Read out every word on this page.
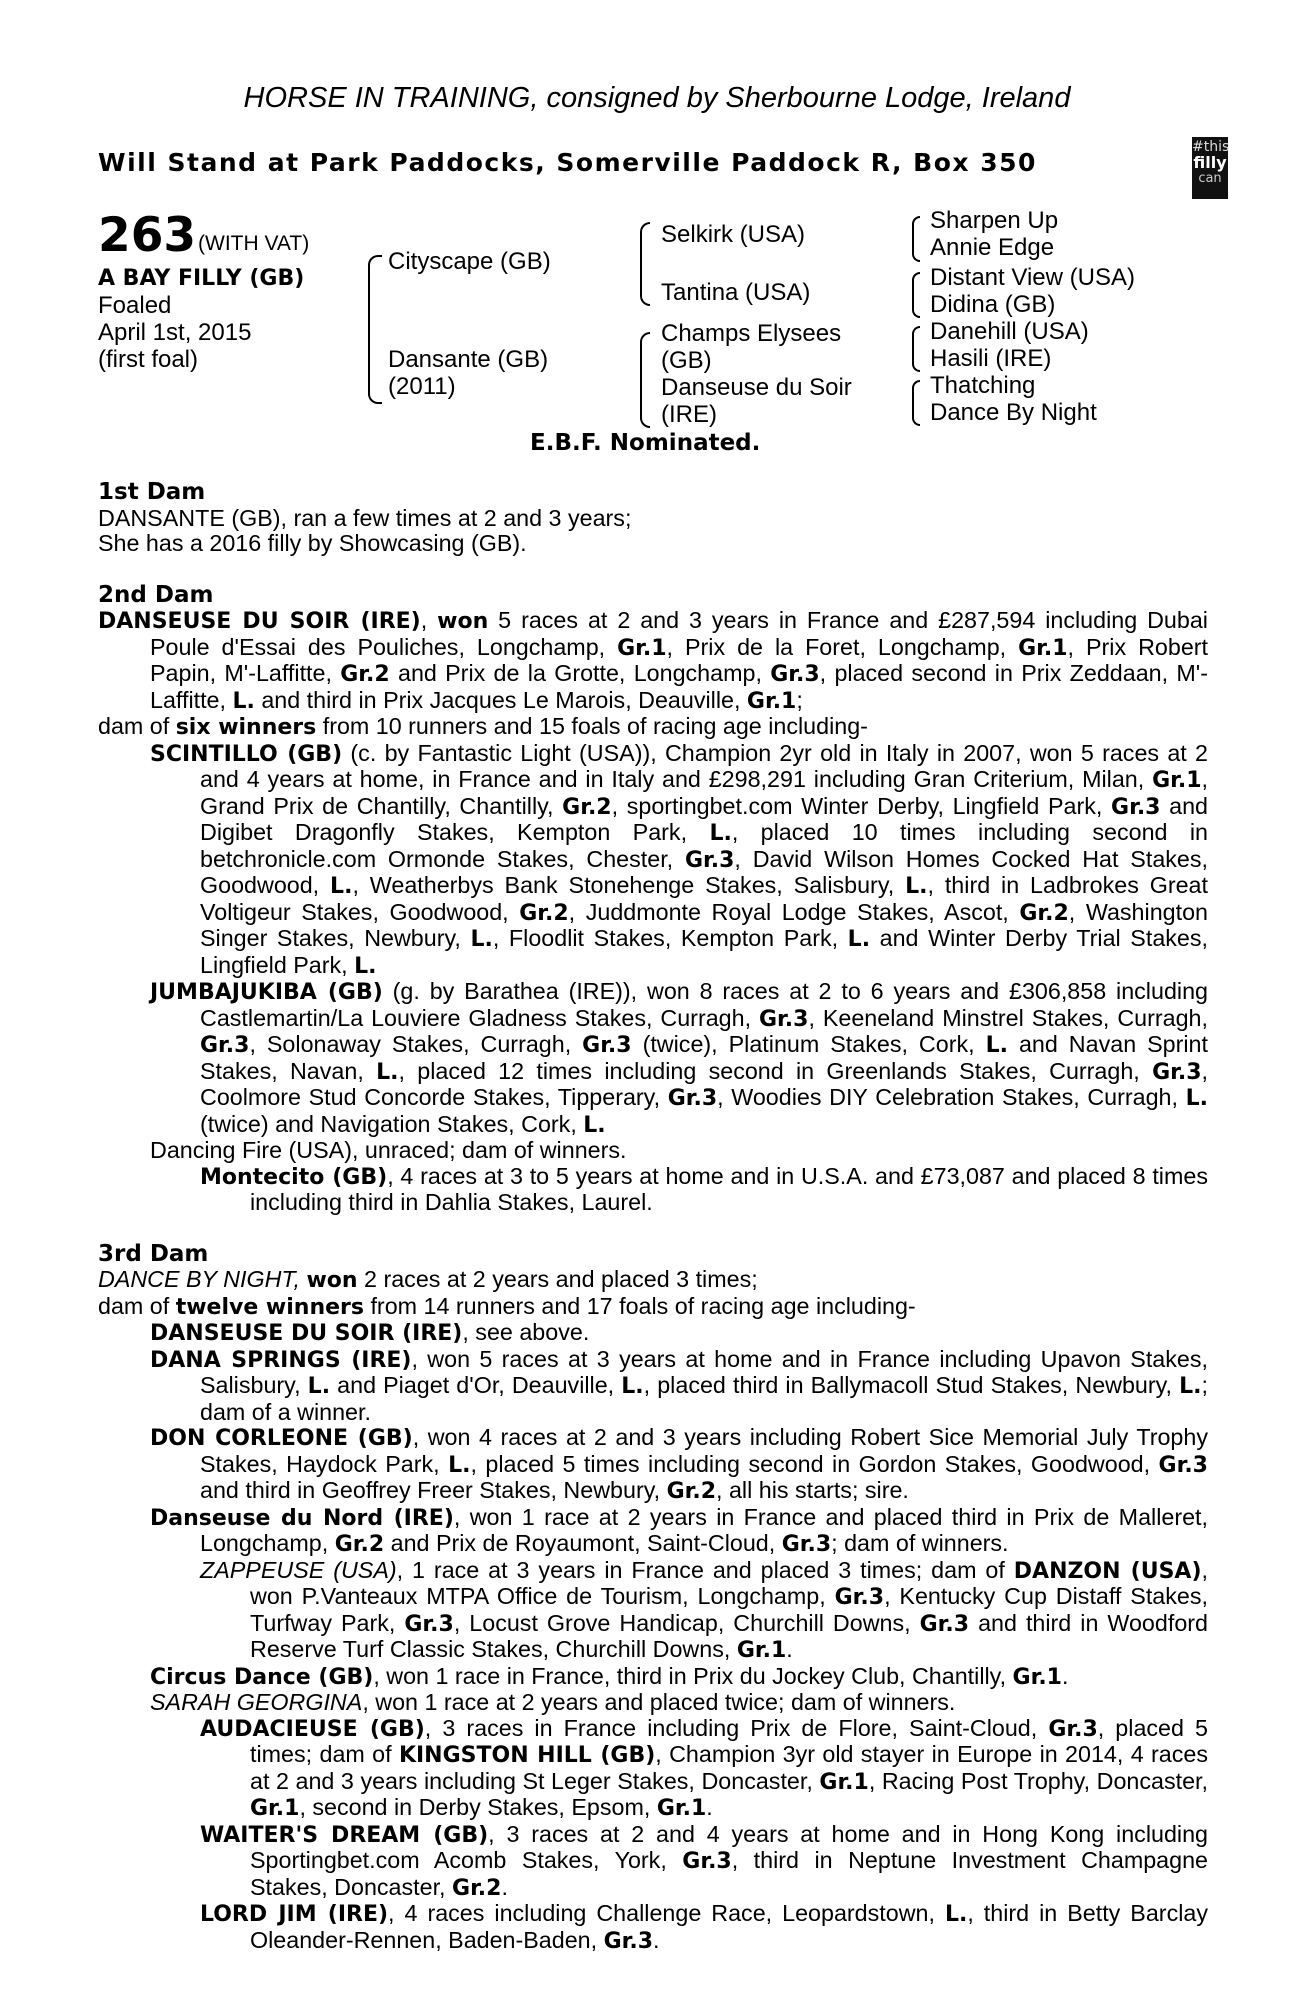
HORSE IN TRAINING, consigned by Sherbourne Lodge, Ireland
Will Stand at Park Paddocks, Somerville Paddock R, Box 350
#this
filly
can
263 (WITH VAT)
A BAY FILLY (GB)
Foaled
April 1st, 2015
(first foal)
Cityscape (GB)
Dansante (GB)
(2011)
Selkirk (USA)
Tantina (USA)
Champs Elysees
(GB)
Danseuse du Soir
(IRE)
Sharpen Up
Annie Edge
Distant View (USA)
Didina (GB)
Danehill (USA)
Hasili (IRE)
Thatching
Dance By Night
E.B.F. Nominated.

1st Dam

DANSANTE (GB), ran a few times at 2 and 3 years;

She has a 2016 filly by Showcasing (GB).

2nd Dam

DANSEUSE DU SOIR (IRE), won 5 races at 2 and 3 years in France and £287,594 including Dubai Poule d'Essai des Pouliches, Longchamp, Gr.1, Prix de la Foret, Longchamp, Gr.1, Prix Robert Papin, M'-Laffitte, Gr.2 and Prix de la Grotte, Longchamp, Gr.3, placed second in Prix Zeddaan, M'-Laffitte, L. and third in Prix Jacques Le Marois, Deauville, Gr.1;

dam of six winners from 10 runners and 15 foals of racing age including-

SCINTILLO (GB) (c. by Fantastic Light (USA)), Champion 2yr old in Italy in 2007, won 5 races at 2 and 4 years at home, in France and in Italy and £298,291 including Gran Criterium, Milan, Gr.1, Grand Prix de Chantilly, Chantilly, Gr.2, sportingbet.com Winter Derby, Lingfield Park, Gr.3 and Digibet Dragonfly Stakes, Kempton Park, L., placed 10 times including second in betchronicle.com Ormonde Stakes, Chester, Gr.3, David Wilson Homes Cocked Hat Stakes, Goodwood, L., Weatherbys Bank Stonehenge Stakes, Salisbury, L., third in Ladbrokes Great Voltigeur Stakes, Goodwood, Gr.2, Juddmonte Royal Lodge Stakes, Ascot, Gr.2, Washington Singer Stakes, Newbury, L., Floodlit Stakes, Kempton Park, L. and Winter Derby Trial Stakes, Lingfield Park, L.

JUMBAJUKIBA (GB) (g. by Barathea (IRE)), won 8 races at 2 to 6 years and £306,858 including Castlemartin/La Louviere Gladness Stakes, Curragh, Gr.3, Keeneland Minstrel Stakes, Curragh, Gr.3, Solonaway Stakes, Curragh, Gr.3 (twice), Platinum Stakes, Cork, L. and Navan Sprint Stakes, Navan, L., placed 12 times including second in Greenlands Stakes, Curragh, Gr.3, Coolmore Stud Concorde Stakes, Tipperary, Gr.3, Woodies DIY Celebration Stakes, Curragh, L. (twice) and Navigation Stakes, Cork, L.

Dancing Fire (USA), unraced; dam of winners.

Montecito (GB), 4 races at 3 to 5 years at home and in U.S.A. and £73,087 and placed 8 times including third in Dahlia Stakes, Laurel.

3rd Dam

DANCE BY NIGHT, won 2 races at 2 years and placed 3 times;

dam of twelve winners from 14 runners and 17 foals of racing age including-

DANSEUSE DU SOIR (IRE), see above.

DANA SPRINGS (IRE), won 5 races at 3 years at home and in France including Upavon Stakes, Salisbury, L. and Piaget d'Or, Deauville, L., placed third in Ballymacoll Stud Stakes, Newbury, L.; dam of a winner.

DON CORLEONE (GB), won 4 races at 2 and 3 years including Robert Sice Memorial July Trophy Stakes, Haydock Park, L., placed 5 times including second in Gordon Stakes, Goodwood, Gr.3 and third in Geoffrey Freer Stakes, Newbury, Gr.2, all his starts; sire.

Danseuse du Nord (IRE), won 1 race at 2 years in France and placed third in Prix de Malleret, Longchamp, Gr.2 and Prix de Royaumont, Saint-Cloud, Gr.3; dam of winners.

ZAPPEUSE (USA), 1 race at 3 years in France and placed 3 times; dam of DANZON (USA), won P.Vanteaux MTPA Office de Tourism, Longchamp, Gr.3, Kentucky Cup Distaff Stakes, Turfway Park, Gr.3, Locust Grove Handicap, Churchill Downs, Gr.3 and third in Woodford Reserve Turf Classic Stakes, Churchill Downs, Gr.1.

Circus Dance (GB), won 1 race in France, third in Prix du Jockey Club, Chantilly, Gr.1.

SARAH GEORGINA, won 1 race at 2 years and placed twice; dam of winners.

AUDACIEUSE (GB), 3 races in France including Prix de Flore, Saint-Cloud, Gr.3, placed 5 times; dam of KINGSTON HILL (GB), Champion 3yr old stayer in Europe in 2014, 4 races at 2 and 3 years including St Leger Stakes, Doncaster, Gr.1, Racing Post Trophy, Doncaster, Gr.1, second in Derby Stakes, Epsom, Gr.1.

WAITER'S DREAM (GB), 3 races at 2 and 4 years at home and in Hong Kong including Sportingbet.com Acomb Stakes, York, Gr.3, third in Neptune Investment Champagne Stakes, Doncaster, Gr.2.

LORD JIM (IRE), 4 races including Challenge Race, Leopardstown, L., third in Betty Barclay Oleander-Rennen, Baden-Baden, Gr.3.
